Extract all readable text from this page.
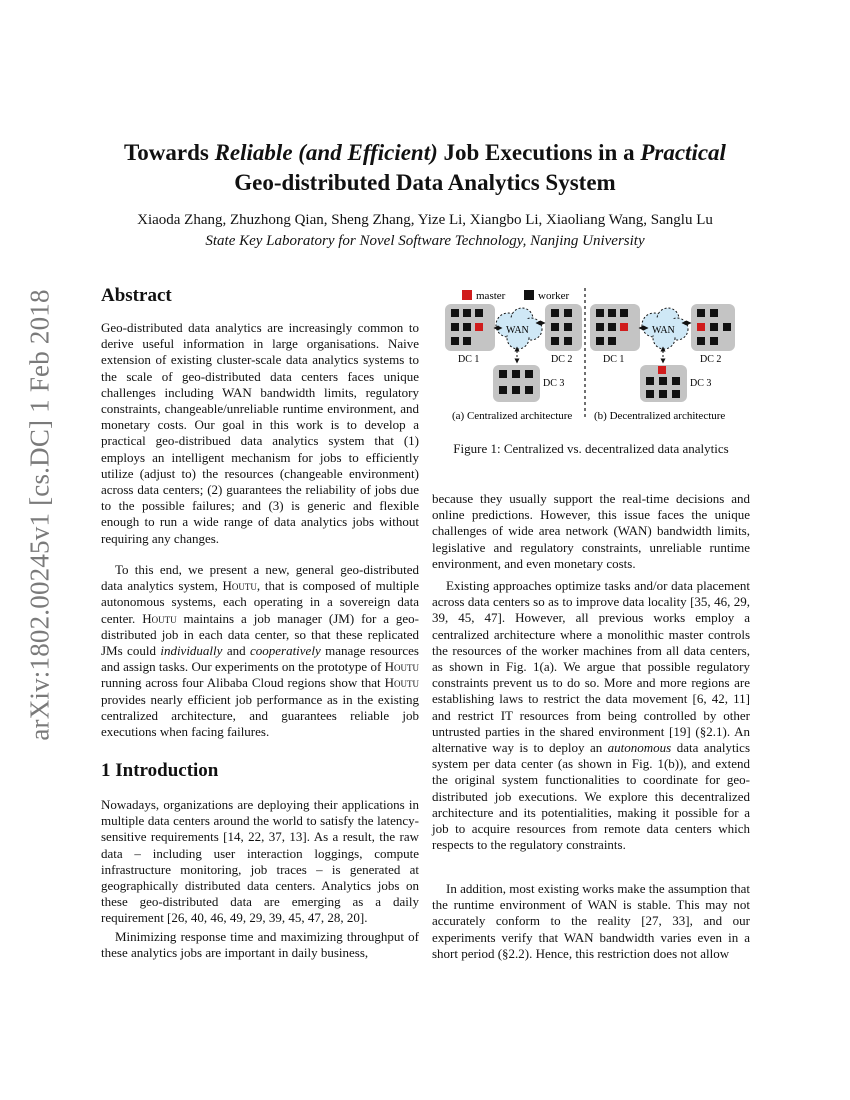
arXiv:1802.00245v1 [cs.DC] 1 Feb 2018
Towards Reliable (and Efficient) Job Executions in a Practical
Geo-distributed Data Analytics System
Xiaoda Zhang, Zhuzhong Qian, Sheng Zhang, Yize Li, Xiangbo Li, Xiaoliang Wang, Sanglu Lu
State Key Laboratory for Novel Software Technology, Nanjing University
Abstract

Geo-distributed data analytics are increasingly common to derive useful information in large organisations. Naive extension of existing cluster-scale data analytics systems to the scale of geo-distributed data centers faces unique challenges including WAN bandwidth limits, regulatory constraints, changeable/unreliable runtime environment, and monetary costs. Our goal in this work is to develop a practical geo-distribued data analytics system that (1) employs an intelligent mechanism for jobs to efficiently utilize (adjust to) the resources (changeable environment) across data centers; (2) guarantees the reliability of jobs due to the possible failures; and (3) is generic and flexible enough to run a wide range of data analytics jobs without requiring any changes.

To this end, we present a new, general geo-distributed data analytics system, Houtu, that is composed of multiple autonomous systems, each operating in a sovereign data center. Houtu maintains a job manager (JM) for a geo-distributed job in each data center, so that these replicated JMs could individually and cooperatively manage resources and assign tasks. Our experiments on the prototype of Houtu running across four Alibaba Cloud regions show that Houtu provides nearly efficient job performance as in the existing centralized architecture, and guarantees reliable job executions when facing failures.

1 Introduction

Nowadays, organizations are deploying their applications in multiple data centers around the world to satisfy the latency-sensitive requirements [14, 22, 37, 13]. As a result, the raw data – including user interaction loggings, compute infrastructure monitoring, job traces – is generated at geographically distributed data centers. Analytics jobs on these geo-distributed data are emerging as a daily requirement [26, 40, 46, 49, 29, 39, 45, 47, 28, 20].

Minimizing response time and maximizing throughput of these analytics jobs are important in daily business,

master	worker
DC 1	DC 2
DC 3
WAN
(a) Centralized architecture
DC 1	DC 2
DC 3
WAN
(b) Decentralized architecture

Figure 1: Centralized vs. decentralized data analytics

because they usually support the real-time decisions and online predictions. However, this issue faces the unique challenges of wide area network (WAN) bandwidth limits, legislative and regulatory constraints, unreliable runtime environment, and even monetary costs.

Existing approaches optimize tasks and/or data placement across data centers so as to improve data locality [35, 46, 29, 39, 45, 47]. However, all previous works employ a centralized architecture where a monolithic master controls the resources of the worker machines from all data centers, as shown in Fig. 1(a). We argue that possible regulatory constraints prevent us to do so. More and more regions are establishing laws to restrict the data movement [6, 42, 11] and restrict IT resources from being controlled by other untrusted parties in the shared environment [19] (§2.1). An alternative way is to deploy an autonomous data analytics system per data center (as shown in Fig. 1(b)), and extend the original system functionalities to coordinate for geo-distributed job executions. We explore this decentralized architecture and its potentialities, making it possible for a job to acquire resources from remote data centers which respects to the regulatory constraints.

In addition, most existing works make the assumption that the runtime environment of WAN is stable. This may not accurately conform to the reality [27, 33], and our experiments verify that WAN bandwidth varies even in a short period (§2.2). Hence, this restriction does not allow
